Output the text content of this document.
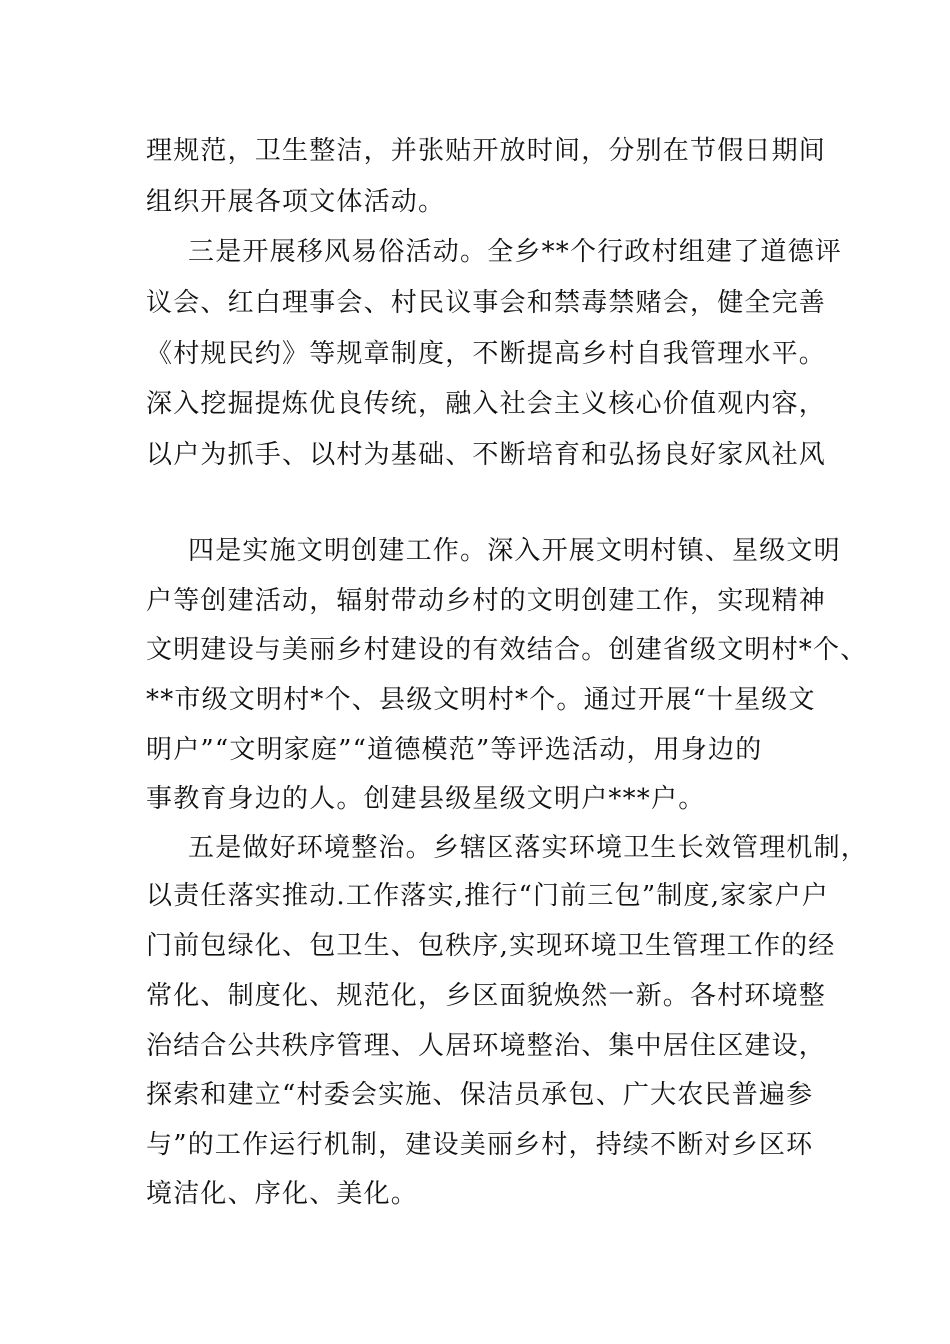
理规范，卫生整洁，并张贴开放时间，分别在节假日期间
组织开展各项文体活动。
三是开展移风易俗活动。全乡**个行政村组建了道德评
议会、红白理事会、村民议事会和禁毒禁赌会，健全完善
《村规民约》等规章制度，不断提高乡村自我管理水平。
深入挖掘提炼优良传统，融入社会主义核心价值观内容，
以户为抓手、以村为基础、不断培育和弘扬良好家风社风
四是实施文明创建工作。深入开展文明村镇、星级文明
户等创建活动，辐射带动乡村的文明创建工作，实现精神
文明建设与美丽乡村建设的有效结合。创建省级文明村*个、
**市级文明村*个、县级文明村*个。通过开展“十星级文
明户”“文明家庭”“道德模范”等评选活动，用身边的
事教育身边的人。创建县级星级文明户***户。
五是做好环境整治。乡辖区落实环境卫生长效管理机制，
以责任落实推动.工作落实,推行“门前三包”制度,家家户户
门前包绿化、包卫生、包秩序,实现环境卫生管理工作的经
常化、制度化、规范化，乡区面貌焕然一新。各村环境整
治结合公共秩序管理、人居环境整治、集中居住区建设，
探索和建立“村委会实施、保洁员承包、广大农民普遍参
与”的工作运行机制，建设美丽乡村，持续不断对乡区环
境洁化、序化、美化。
